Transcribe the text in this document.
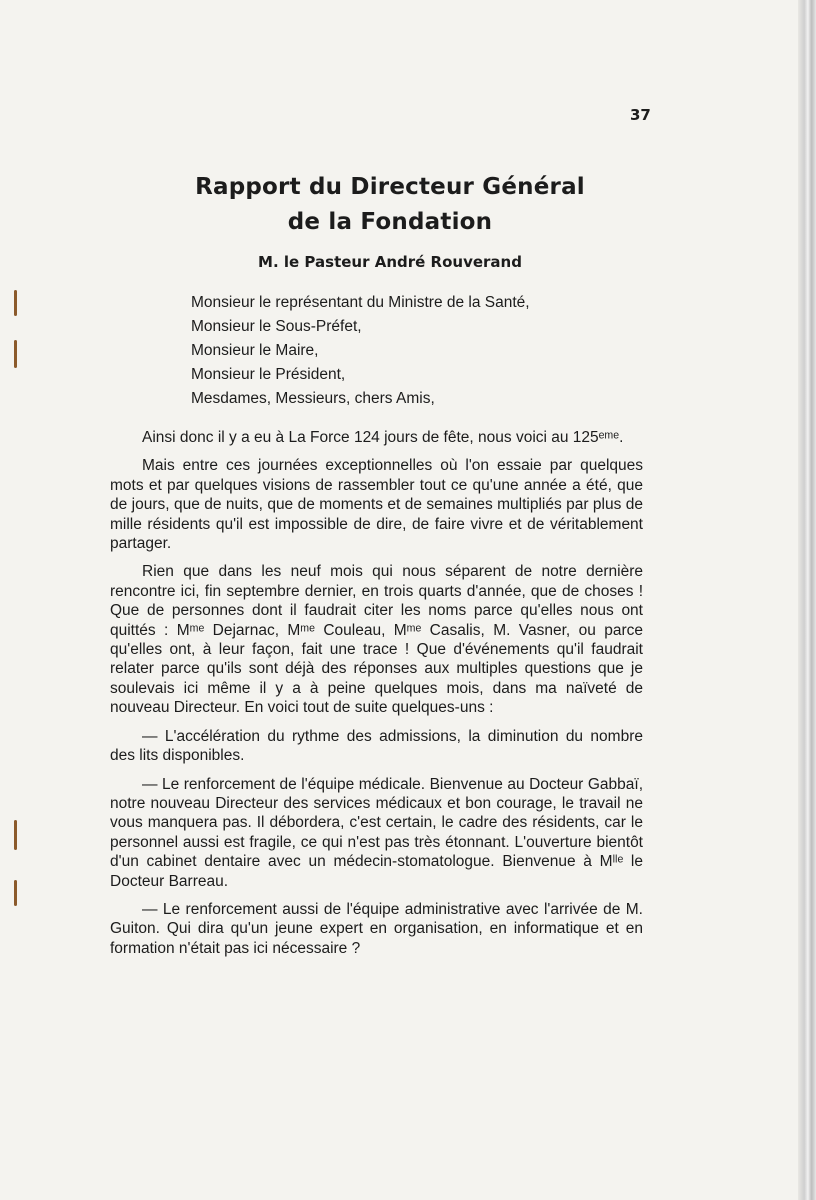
37
Rapport du Directeur Général
de la Fondation
M. le Pasteur André Rouverand
Monsieur le représentant du Ministre de la Santé,
Monsieur le Sous-Préfet,
Monsieur le Maire,
Monsieur le Président,
Mesdames, Messieurs, chers Amis,

Ainsi donc il y a eu à La Force 124 jours de fête, nous voici au 125ᵉᵐᵉ.

Mais entre ces journées exceptionnelles où l'on essaie par quelques mots et par quelques visions de rassembler tout ce qu'une année a été, que de jours, que de nuits, que de moments et de semaines multipliés par plus de mille résidents qu'il est impossible de dire, de faire vivre et de véritablement partager.

Rien que dans les neuf mois qui nous séparent de notre dernière rencontre ici, fin septembre dernier, en trois quarts d'année, que de choses ! Que de personnes dont il faudrait citer les noms parce qu'elles nous ont quittés : Mᵐᵉ Dejarnac, Mᵐᵉ Couleau, Mᵐᵉ Casalis, M. Vasner, ou parce qu'elles ont, à leur façon, fait une trace ! Que d'événements qu'il faudrait relater parce qu'ils sont déjà des réponses aux multiples questions que je soulevais ici même il y a à peine quelques mois, dans ma naïveté de nouveau Directeur. En voici tout de suite quelques-uns :

— L'accélération du rythme des admissions, la diminution du nombre des lits disponibles.

— Le renforcement de l'équipe médicale. Bienvenue au Docteur Gabbaï, notre nouveau Directeur des services médicaux et bon courage, le travail ne vous manquera pas. Il débordera, c'est certain, le cadre des résidents, car le personnel aussi est fragile, ce qui n'est pas très étonnant. L'ouverture bientôt d'un cabinet dentaire avec un médecin-stomatologue. Bienvenue à Mˡˡᵉ le Docteur Barreau.

— Le renforcement aussi de l'équipe administrative avec l'arrivée de M. Guiton. Qui dira qu'un jeune expert en organisation, en informatique et en formation n'était pas ici nécessaire ?
